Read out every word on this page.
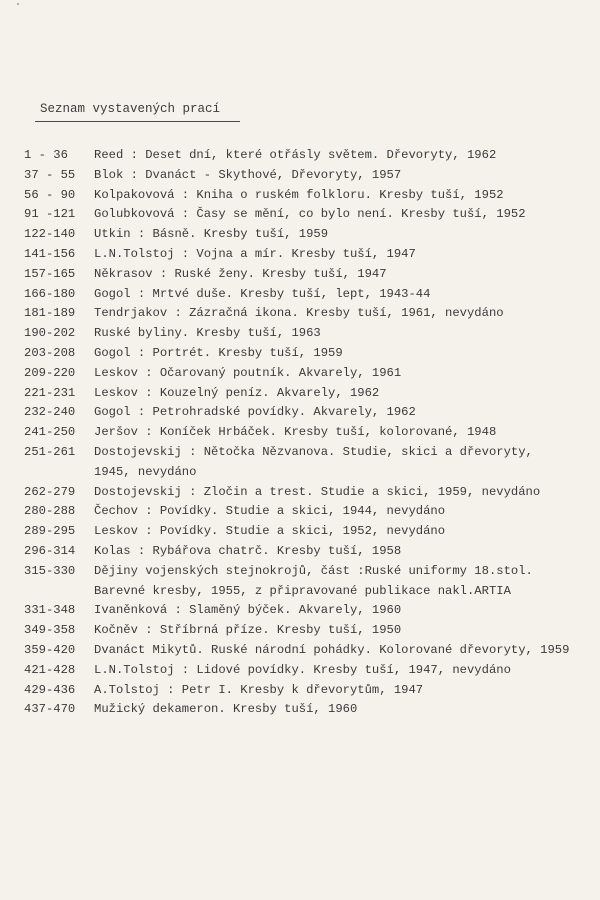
Seznam vystavených prací
1 - 36	Reed : Deset dní, které otřásly světem. Dřevoryty, 1962
37 - 55	Blok : Dvanáct - Skythové, Dřevoryty, 1957
56 - 90	Kolpakovová : Kniha o ruském folkloru. Kresby tuší, 1952
91 -121	Golubkovová : Časy se mění, co bylo není. Kresby tuší, 1952
122-140	Utkin : Básně. Kresby tuší, 1959
141-156	L.N.Tolstoj : Vojna a mír. Kresby tuší, 1947
157-165	Někrasov : Ruské ženy. Kresby tuší, 1947
166-180	Gogol : Mrtvé duše. Kresby tuší, lept, 1943-44
181-189	Tendrjakov : Zázračná ikona. Kresby tuší, 1961, nevydáno
190-202	Ruské byliny. Kresby tuší, 1963
203-208	Gogol : Portrét. Kresby tuší, 1959
209-220	Leskov : Očarovaný poutník. Akvarely, 1961
221-231	Leskov : Kouzelný peníz. Akvarely, 1962
232-240	Gogol : Petrohradské povídky. Akvarely, 1962
241-250	Jeršov : Koníček Hrbáček. Kresby tuší, kolorované, 1948
251-261	Dostojevskij : Nětočka Nězvanova. Studie, skici a dřevoryty,
1945, nevydáno
262-279	Dostojevskij : Zločin a trest. Studie a skici, 1959, nevydáno
280-288	Čechov : Povídky. Studie a skici, 1944, nevydáno
289-295	Leskov : Povídky. Studie a skici, 1952, nevydáno
296-314	Kolas : Rybářova chatrč. Kresby tuší, 1958
315-330	Dějiny vojenských stejnokrojů, část :Ruské uniformy 18.stol.
Barevné kresby, 1955, z připravované publikace nakl.ARTIA
331-348	Ivaněnková : Slaměný býček. Akvarely, 1960
349-358	Kočněv : Stříbrná příze. Kresby tuší, 1950
359-420	Dvanáct Mikytů. Ruské národní pohádky. Kolorované dřevoryty, 1959
421-428	L.N.Tolstoj : Lidové povídky. Kresby tuší, 1947, nevydáno
429-436	A.Tolstoj : Petr I. Kresby k dřevorytům, 1947
437-470	Mužický dekameron. Kresby tuší, 1960
